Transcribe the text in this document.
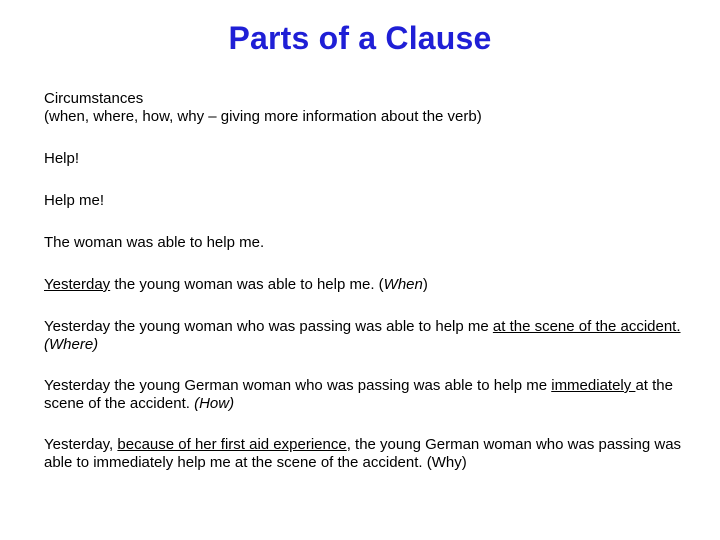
Parts of a Clause

Circumstances
(when, where, how, why – giving more information about the verb)

Help!

Help me!

The woman was able to help me.

Yesterday the young woman was able to help me. (When)

Yesterday the young woman who was passing was able to help me at the scene of the accident. (Where)

Yesterday the young German woman who was passing was able to help me immediately at the scene of the accident. (How)

Yesterday, because of her first aid experience, the young German woman who was passing was able to immediately help me at the scene of the accident. (Why)
